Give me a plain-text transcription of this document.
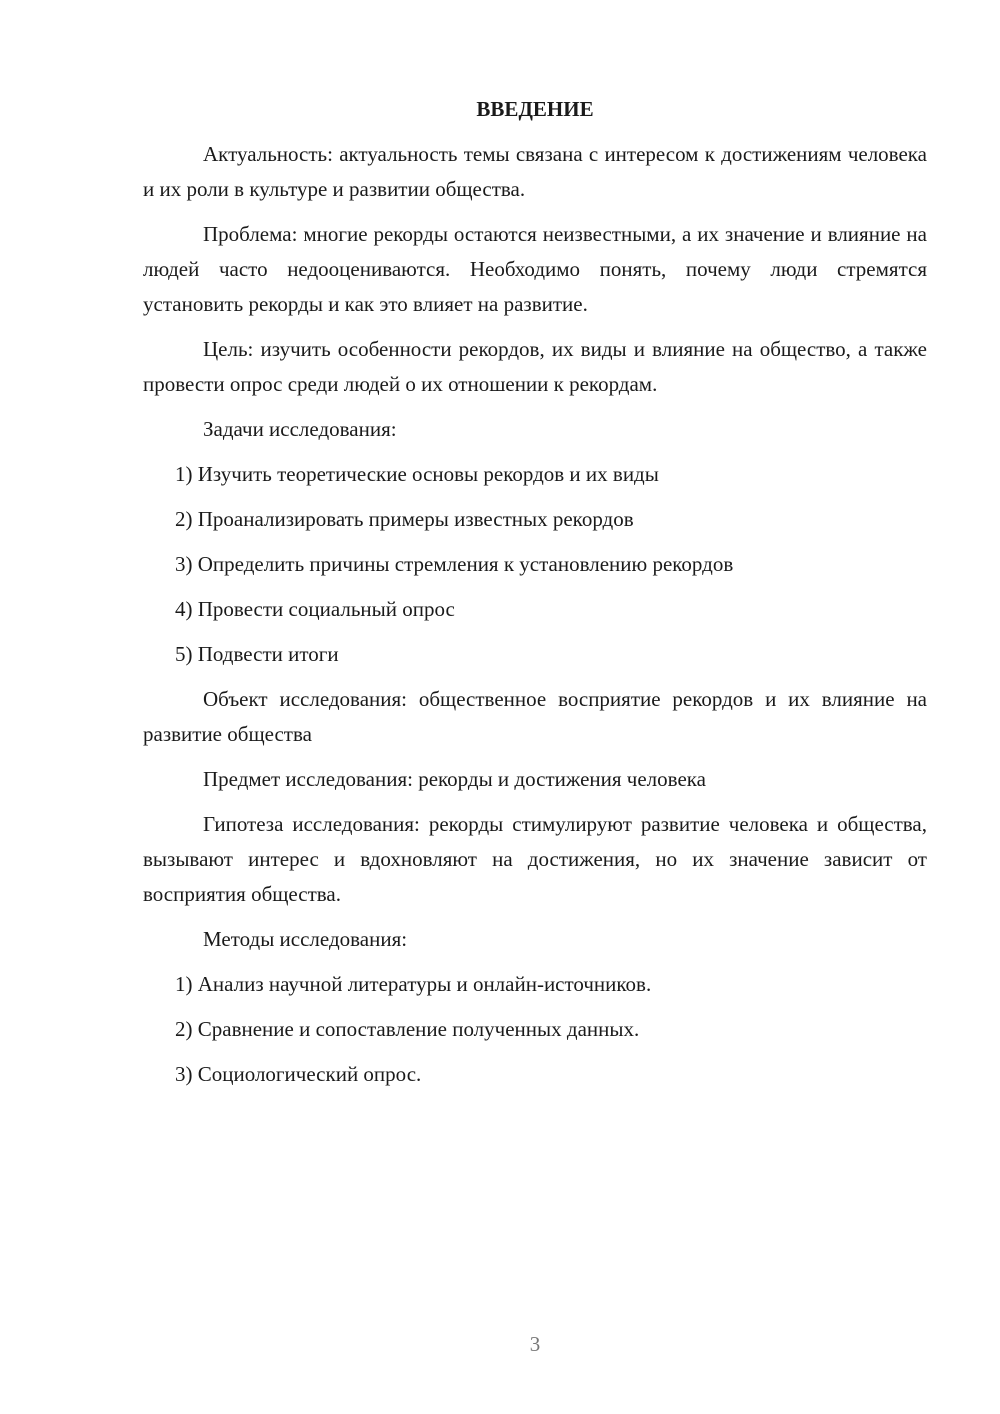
ВВЕДЕНИЕ

Актуальность: актуальность темы связана с интересом к достижениям человека и их роли в культуре и развитии общества.

Проблема: многие рекорды остаются неизвестными, а их значение и влияние на людей часто недооцениваются. Необходимо понять, почему люди стремятся установить рекорды и как это влияет на развитие.

Цель: изучить особенности рекордов, их виды и влияние на общество, а также провести опрос среди людей о их отношении к рекордам.

Задачи исследования:

1) Изучить теоретические основы рекордов и их виды
2) Проанализировать примеры известных рекордов
3) Определить причины стремления к установлению рекордов
4) Провести социальный опрос
5) Подвести итоги

Объект исследования: общественное восприятие рекордов и их влияние на развитие общества

Предмет исследования: рекорды и достижения человека

Гипотеза исследования: рекорды стимулируют развитие человека и общества, вызывают интерес и вдохновляют на достижения, но их значение зависит от восприятия общества.

Методы исследования:

1) Анализ научной литературы и онлайн-источников.
2) Сравнение и сопоставление полученных данных.
3) Социологический опрос.
3
